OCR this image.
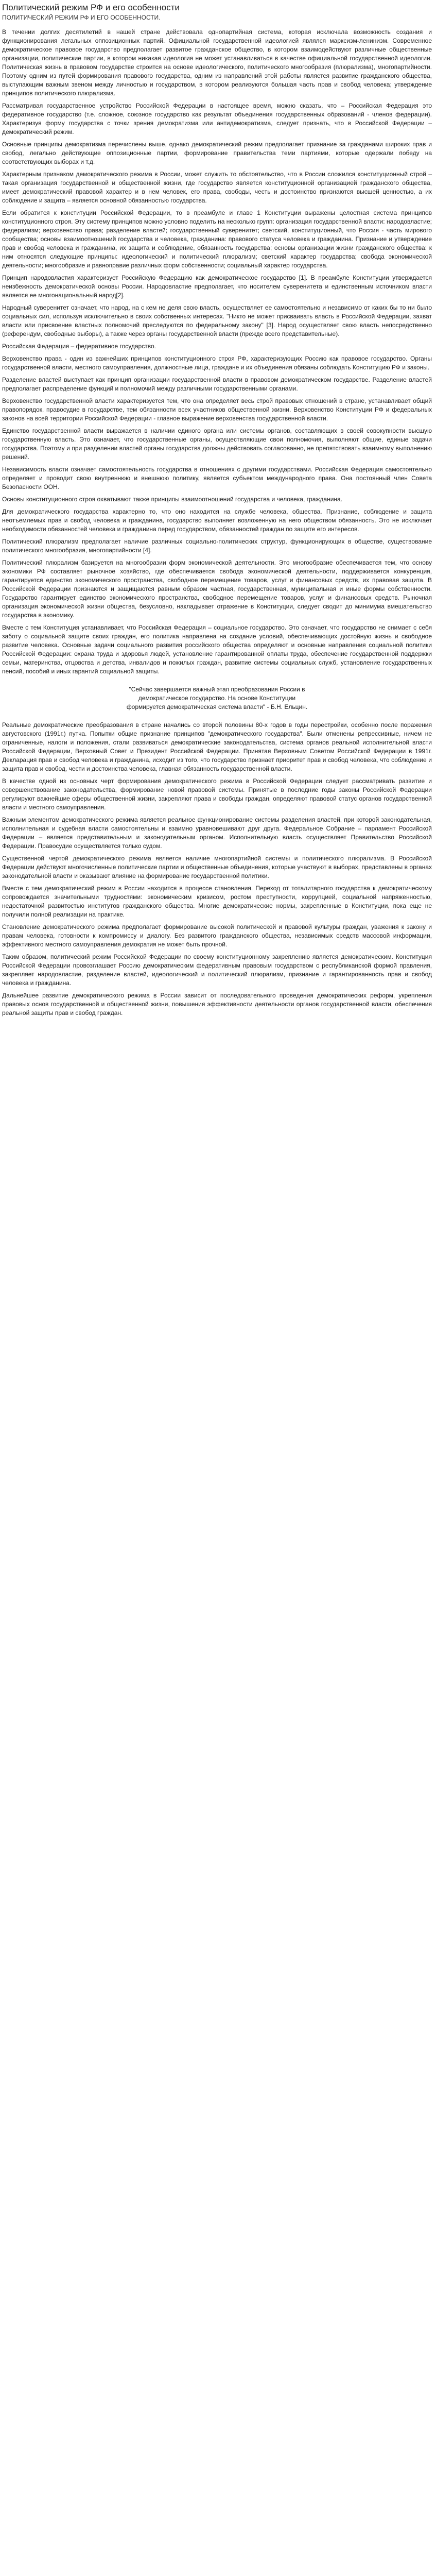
Политический режим РФ и его особенности
ПОЛИТИЧЕСКИЙ РЕЖИМ РФ И ЕГО ОСОБЕННОСТИ.

В течении долгих десятилетий в нашей стране действовала однопартийная система, которая исключала возможность создания и функционирования легальных оппозиционных партий. Официальной государственной идеологией являлся марксизм-ленинизм. Современное демократическое правовое государство предполагает развитое гражданское общество, в котором взаимодействуют различные общественные организации, политические партии, в котором никакая идеология не может устанавливаться в качестве официальной государственной идеологии. Политическая жизнь в правовом государстве строится на основе идеологического, политического многообразия (плюрализма), многопартийности. Поэтому одним из путей формирования правового государства, одним из направлений этой работы является развитие гражданского общества, выступающим важным звеном между личностью и государством, в котором реализуются большая часть прав и свобод человека; утверждение принципов политического плюрализма.

Рассматривая государственное устройство Российской Федерации в настоящее время, можно сказать, что – Российская Федерация это федеративное государство (т.е. сложное, союзное государство как результат объединения государственных образований - членов федерации). Характеризуя форму государства с точки зрения демократизма или антидемократизма, следует признать, что в Российской Федерации – демократический режим.

Основные принципы демократизма перечислены выше, однако демократический режим предполагает признание за гражданами широких прав и свобод, легально действующие оппозиционные партии, формирование правительства теми партиями, которые одержали победу на соответствующих выборах и т.д.

Характерным признаком демократического режима в России, может служить то обстоятельство, что в России сложился конституционный строй – такая организация государственной и общественной жизни, где государство является конституционной организацией гражданского общества, имеет демократический правовой характер и в нем человек, его права, свободы, честь и достоинство признаются высшей ценностью, а их соблюдение и защита – является основной обязанностью государства.

Если обратится к конституции Российской Федерации, то в преамбуле и главе 1 Конституции выражены целостная система принципов конституционного строя. Эту систему принципов можно условно поделить на несколько групп: организация государственной власти: народовластие; федерализм; верховенство права; разделение властей; государственный суверенитет; светский, конституционный, что Россия - часть мирового сообщества; основы взаимоотношений государства и человека, гражданина: правового статуса человека и гражданина. Признание и утверждение прав и свобод человека и гражданина, их защита и соблюдение, обязанность государства; основы организации жизни гражданского общества: к ним относятся следующие принципы: идеологический и политический плюрализм; светский характер государства; свобода экономической деятельности; многообразие и равноправие различных форм собственности; социальный характер государства.

Принцип народовластия характеризует Российскую Федерацию как демократическое государство [1]. В преамбуле Конституции утверждается неизбежность демократической основы России. Народовластие предполагает, что носителем суверенитета и единственным источником власти является ее многонациональный народ[2].

Народный суверенитет означает, что народ, на с кем не деля свою власть, осуществляет ее самостоятельно и независимо от каких бы то ни было социальных сил, используя исключительно в своих собственных интересах. "Никто не может присваивать власть в Российской Федерации, захват власти или присвоение властных полномочий преследуются по федеральному закону" [3]. Народ осуществляет свою власть непосредственно (референдум, свободные выборы), а также через органы государственной власти (прежде всего представительные).

Российская Федерация – федеративное государство.

Верховенство права - один из важнейших принципов конституционного строя РФ, характеризующих Россию как правовое государство. Органы государственной власти, местного самоуправления, должностные лица, граждане и их объединения обязаны соблюдать Конституцию РФ и законы.

Разделение властей выступает как принцип организации государственной власти в правовом демократическом государстве. Разделение властей предполагает распределение функций и полномочий между различными государственными органами.

Верховенство государственной власти характеризуется тем, что она определяет весь строй правовых отношений в стране, устанавливает общий правопорядок, правосудие в государстве, тем обязанности всех участников общественной жизни. Верховенство Конституции РФ и федеральных законов на всей территории Российской Федерации - главное выражение верховенства государственной власти.

Единство государственной власти выражается в наличии единого органа или системы органов, составляющих в своей совокупности высшую государственную власть. Это означает, что государственные органы, осуществляющие свои полномочия, выполняют общие, единые задачи государства. Поэтому и при разделении властей органы государства должны действовать согласованно, не препятствовать взаимному выполнению решений.

Независимость власти означает самостоятельность государства в отношениях с другими государствами. Российская Федерация самостоятельно определяет и проводит свою внутреннюю и внешнюю политику, является субъектом международного права. Она постоянный член Совета Безопасности ООН.

Основы конституционного строя охватывают также принципы взаимоотношений государства и человека, гражданина.

Для демократического государства характерно то, что оно находится на службе человека, общества. Признание, соблюдение и защита неотъемлемых прав и свобод человека и гражданина, государство выполняет возложенную на него обществом обязанность. Это не исключает необходимости обязанностей человека и гражданина перед государством, обязанностей граждан по защите его интересов.

Политический плюрализм предполагает наличие различных социально-политических структур, функционирующих в обществе, существование политического многообразия, многопартийности [4].

Политический плюрализм базируется на многообразии форм экономической деятельности. Это многообразие обеспечивается тем, что основу экономики РФ составляет рыночное хозяйство, где обеспечивается свобода экономической деятельности, поддерживается конкуренция, гарантируется единство экономического пространства, свободное перемещение товаров, услуг и финансовых средств, их правовая защита. В Российской Федерации признаются и защищаются равным образом частная, государственная, муниципальная и иные формы собственности. Государство гарантирует единство экономического пространства, свободное перемещение товаров, услуг и финансовых средств. Рыночная организация экономической жизни общества, безусловно, накладывает отражение в Конституции, следует сводит до минимума вмешательство государства в экономику.

Вместе с тем Конституция устанавливает, что Российская Федерация – социальное государство. Это означает, что государство не снимает с себя заботу о социальной защите своих граждан, его политика направлена на создание условий, обеспечивающих достойную жизнь и свободное развитие человека. Основные задачи социального развития российского общества определяют и основные направления социальной политики Российской Федерации: охрана труда и здоровья людей, установление гарантированной оплаты труда, обеспечение государственной поддержки семьи, материнства, отцовства и детства, инвалидов и пожилых граждан, развитие системы социальных служб, установление государственных пенсий, пособий и иных гарантий социальной защиты.

"Сейчас завершается важный этап преобразования России в
демократическое государство. На основе Конституции
формируется демократическая система власти" - Б.Н. Ельцин.

Реальные демократические преобразования в стране начались со второй половины 80-х годов в годы перестройки, особенно после поражения августовского (1991г.) путча. Попытки общие признание принципов "демократического государства". Были отменены репрессивные, ничем не ограниченные, налоги и положения, стали развиваться демократические законодательства, система органов реальной исполнительной власти Российской Федерации, Верховный Совет и Президент Российской Федерации. Принятая Верховным Советом Российской Федерации в 1991г. Декларация прав и свобод человека и гражданина, исходит из того, что государство признает приоритет прав и свобод человека, что соблюдение и защита прав и свобод, чести и достоинства человека, главная обязанность государственной власти.

В качестве одной из основных черт формирования демократического режима в Российской Федерации следует рассматривать развитие и совершенствование законодательства, формирование новой правовой системы. Принятые в последние годы законы Российской Федерации регулируют важнейшие сферы общественной жизни, закрепляют права и свободы граждан, определяют правовой статус органов государственной власти и местного самоуправления.

Важным элементом демократического режима является реальное функционирование системы разделения властей, при которой законодательная, исполнительная и судебная власти самостоятельны и взаимно уравновешивают друг друга. Федеральное Собрание – парламент Российской Федерации – является представительным и законодательным органом. Исполнительную власть осуществляет Правительство Российской Федерации. Правосудие осуществляется только судом.

Существенной чертой демократического режима является наличие многопартийной системы и политического плюрализма. В Российской Федерации действуют многочисленные политические партии и общественные объединения, которые участвуют в выборах, представлены в органах законодательной власти и оказывают влияние на формирование государственной политики.

Вместе с тем демократический режим в России находится в процессе становления. Переход от тоталитарного государства к демократическому сопровождается значительными трудностями: экономическим кризисом, ростом преступности, коррупцией, социальной напряженностью, недостаточной развитостью институтов гражданского общества. Многие демократические нормы, закрепленные в Конституции, пока еще не получили полной реализации на практике.

Становление демократического режима предполагает формирование высокой политической и правовой культуры граждан, уважения к закону и правам человека, готовности к компромиссу и диалогу. Без развитого гражданского общества, независимых средств массовой информации, эффективного местного самоуправления демократия не может быть прочной.

Таким образом, политический режим Российской Федерации по своему конституционному закреплению является демократическим. Конституция Российской Федерации провозглашает Россию демократическим федеративным правовым государством с республиканской формой правления, закрепляет народовластие, разделение властей, идеологический и политический плюрализм, признание и гарантированность прав и свобод человека и гражданина.

Дальнейшее развитие демократического режима в России зависит от последовательного проведения демократических реформ, укрепления правовых основ государственной и общественной жизни, повышения эффективности деятельности органов государственной власти, обеспечения реальной защиты прав и свобод граждан.
